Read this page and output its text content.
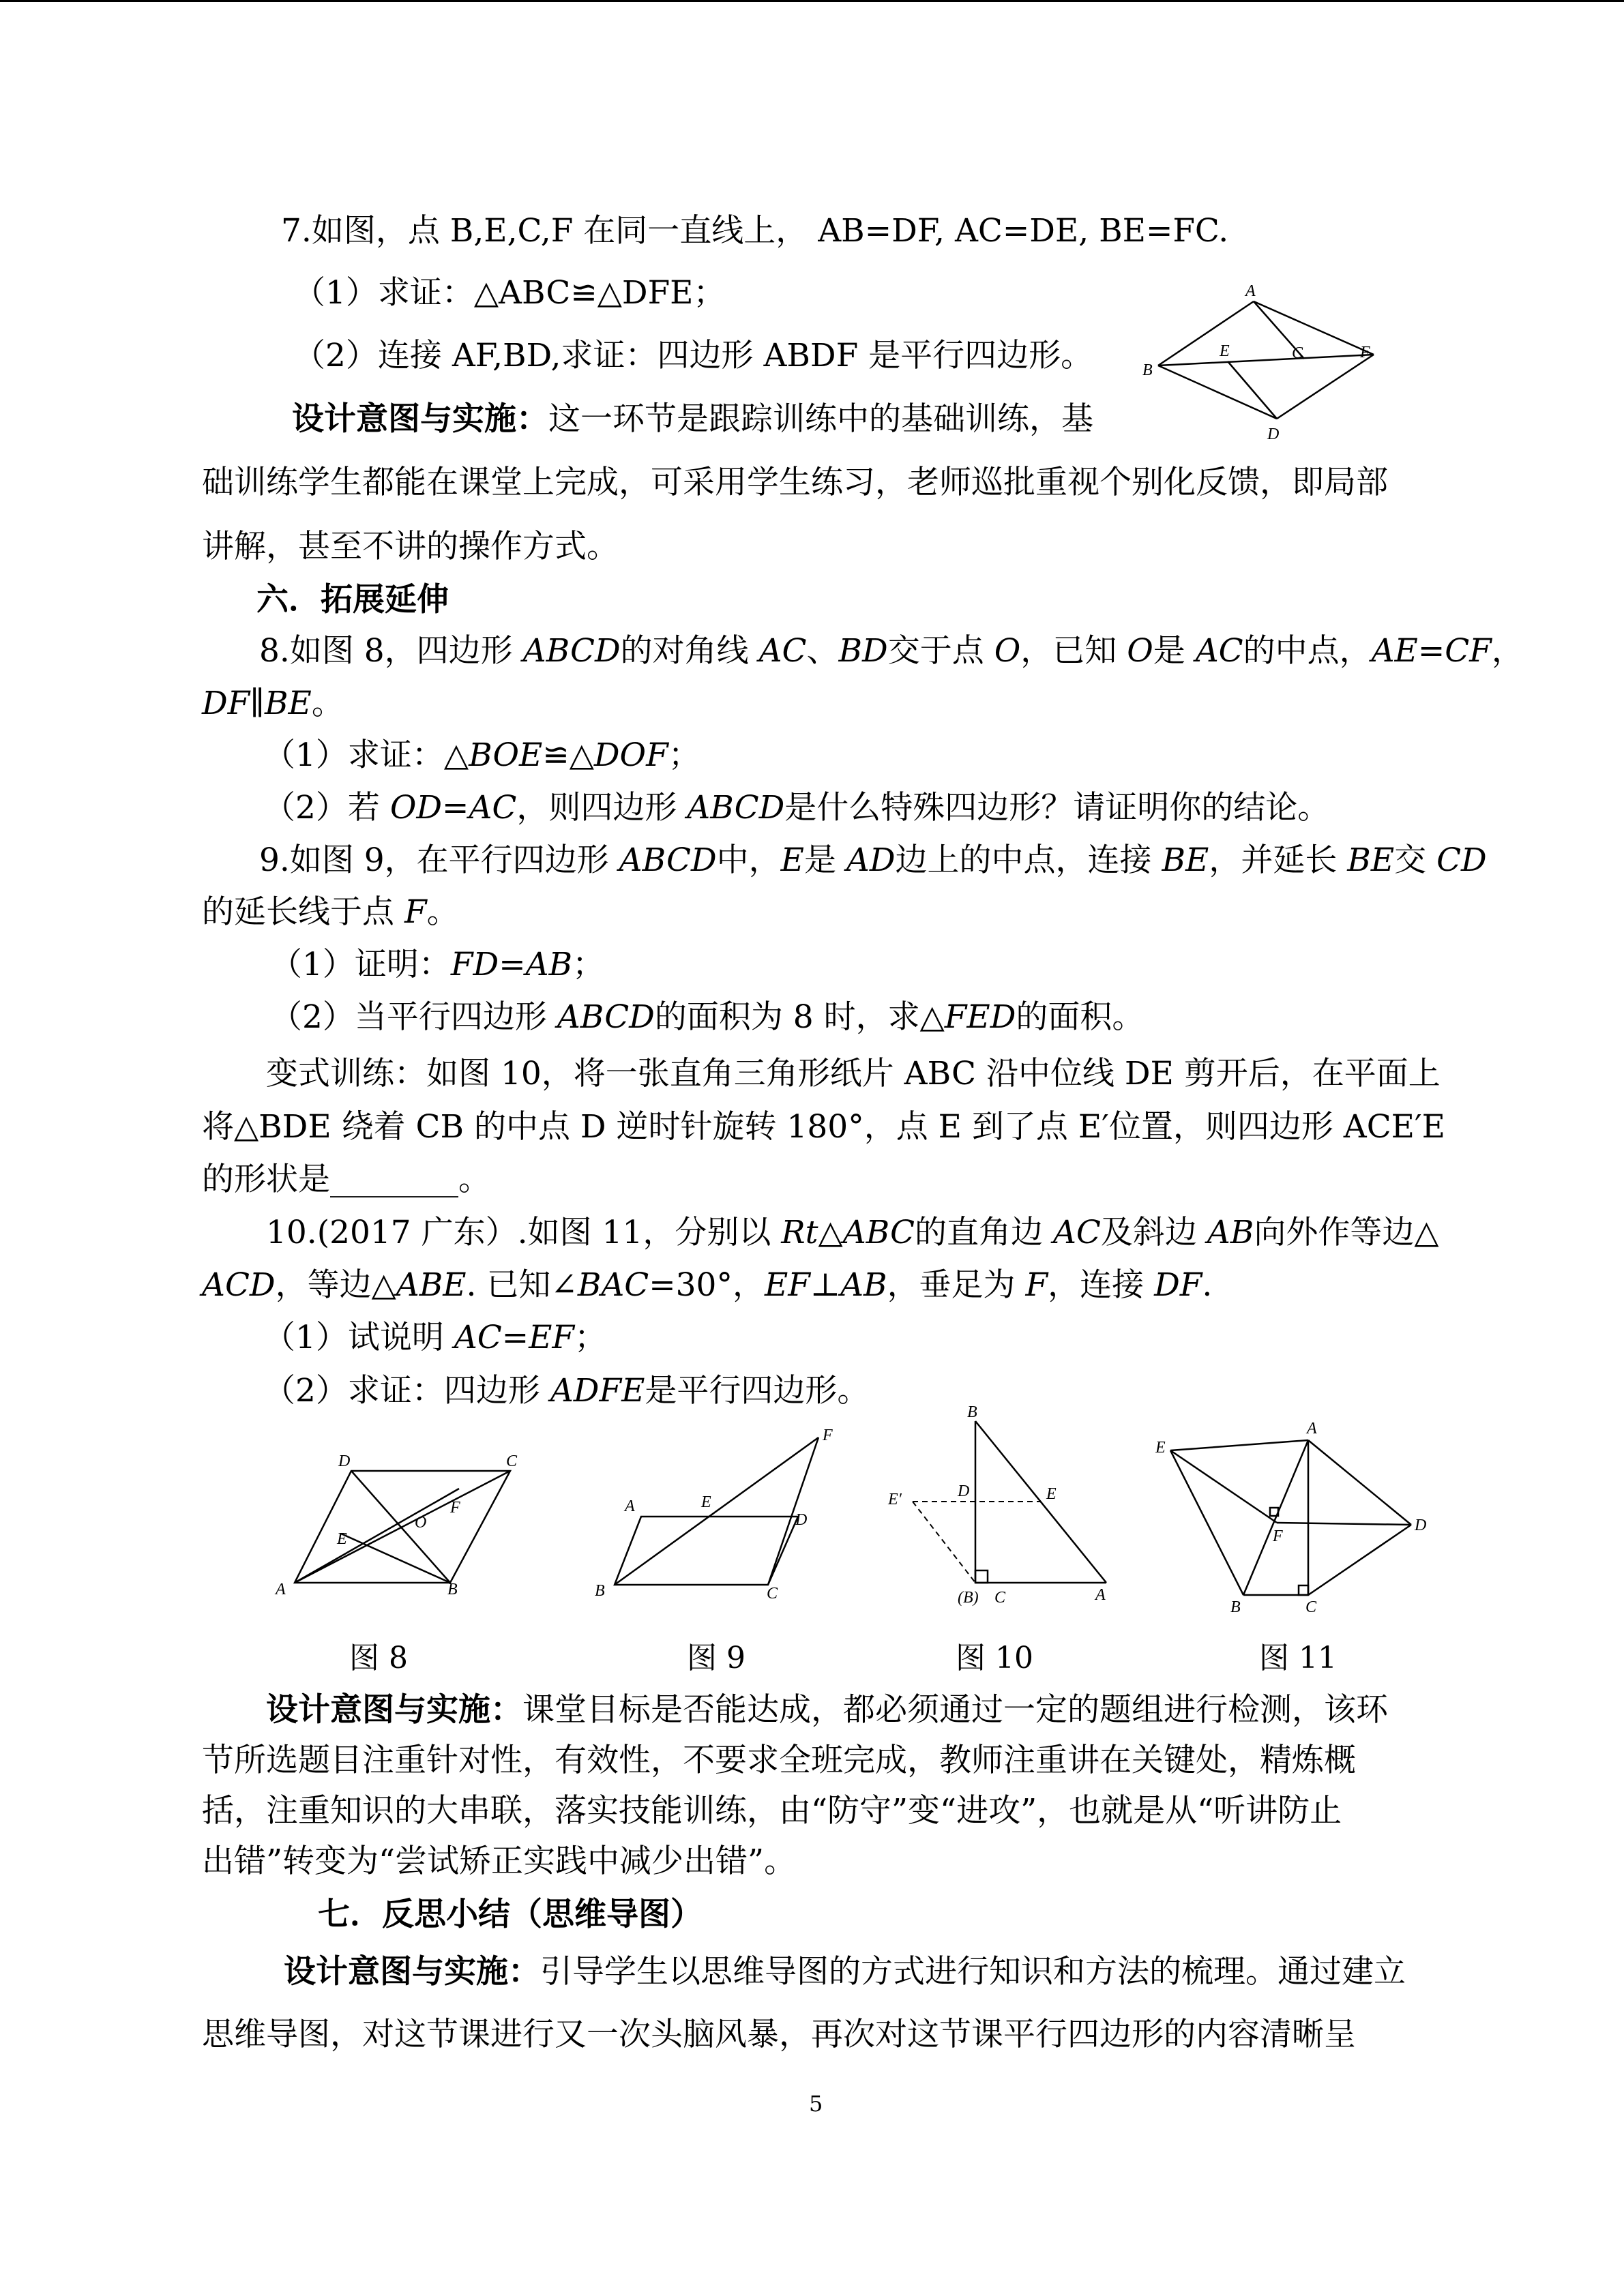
7.如图，点 B,E,C,F 在同一直线上， AB=DF, AC=DE, BE=FC.
（1）求证：△ABC≌△DFE；
（2）连接 AF,BD,求证：四边形 ABDF 是平行四边形。
设计意图与实施：这一环节是跟踪训练中的基础训练，基
础训练学生都能在课堂上完成，可采用学生练习，老师巡批重视个别化反馈，即局部
讲解，甚至不讲的操作方式。
A
B
E	C	F
D
六．拓展延伸
8.如图 8，四边形 ABCD的对角线 AC、BD交于点 O，已知 O是 AC的中点，AE=CF，
DF∥BE。
（1）求证：△BOE≌△DOF；
（2）若 OD=AC，则四边形 ABCD是什么特殊四边形？请证明你的结论。
9.如图 9，在平行四边形 ABCD中，E是 AD边上的中点，连接 BE，并延长 BE交 CD
的延长线于点 F。
（1）证明：FD=AB；
（2）当平行四边形 ABCD的面积为 8 时，求△FED的面积。
变式训练：如图 10，将一张直角三角形纸片 ABC 沿中位线 DE 剪开后，在平面上
将△BDE 绕着 CB 的中点 D 逆时针旋转 180°，点 E 到了点 E′位置，则四边形 ACE′E
的形状是________。
10.(2017 广东）.如图 11，分别以 Rt△ABC的直角边 AC及斜边 AB向外作等边△
ACD，等边△ABE. 已知∠BAC=30°，EF⊥AB，垂足为 F，连接 DF.
（1）试说明 AC=EF；
（2）求证：四边形 ADFE是平行四边形。
D	C
F
O
E
A	B
F
A	E
D
B	C
B
E′	D	E
(B) C	A
E
A
F
D
B	C
图 8	图 9	图 10	图 11
设计意图与实施：课堂目标是否能达成，都必须通过一定的题组进行检测，该环
节所选题目注重针对性，有效性，不要求全班完成，教师注重讲在关键处，精炼概
括，注重知识的大串联，落实技能训练，由“防守”变“进攻”，也就是从“听讲防止
出错”转变为“尝试矫正实践中减少出错”。
七．反思小结（思维导图）
设计意图与实施：引导学生以思维导图的方式进行知识和方法的梳理。通过建立
思维导图，对这节课进行又一次头脑风暴，再次对这节课平行四边形的内容清晰呈
5
